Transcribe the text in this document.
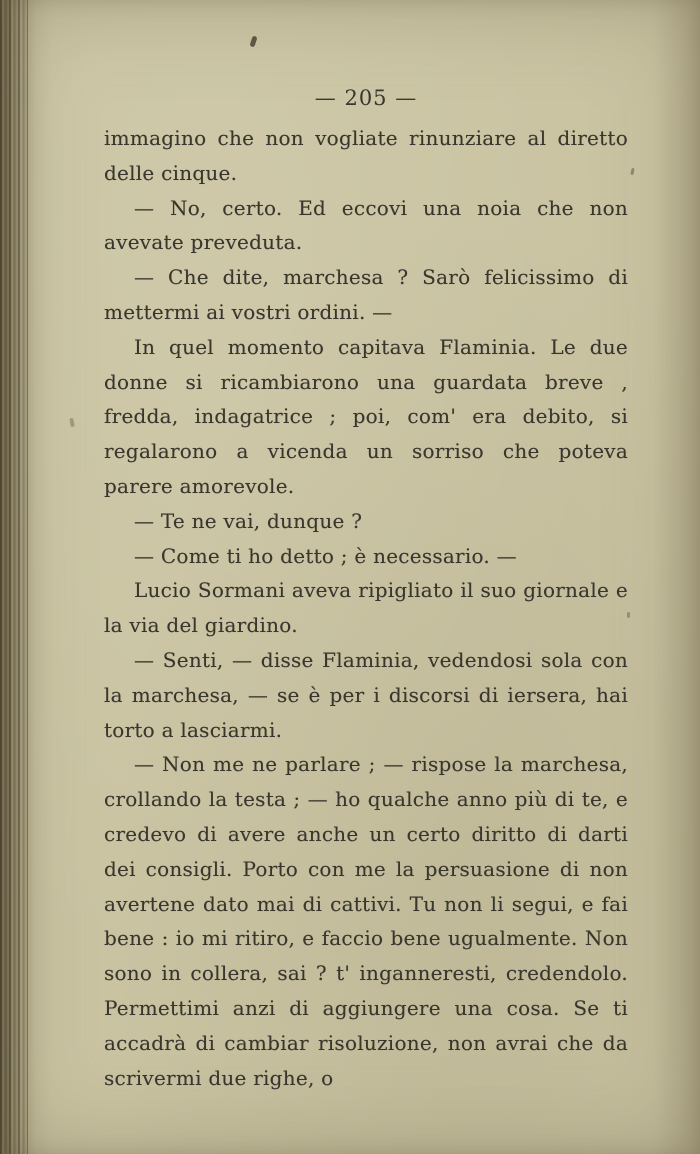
— 205 —

immagino che non vogliate rinunziare al diretto delle cinque.

— No, certo. Ed eccovi una noia che non avevate preveduta.

— Che dite, marchesa ? Sarò felicissimo di mettermi ai vostri ordini. —

In quel momento capitava Flaminia. Le due donne si ricambiarono una guardata breve , fredda, indagatrice ; poi, com' era debito, si regalarono a vicenda un sorriso che poteva parere amorevole.

— Te ne vai, dunque ?

— Come ti ho detto ; è necessario. —

Lucio Sormani aveva ripigliato il suo giornale e la via del giardino.

— Senti, — disse Flaminia, vedendosi sola con la marchesa, — se è per i discorsi di iersera, hai torto a lasciarmi.

— Non me ne parlare ; — rispose la marchesa, crollando la testa ; — ho qualche anno più di te, e credevo di avere anche un certo diritto di darti dei consigli. Porto con me la persuasione di non avertene dato mai di cattivi. Tu non li segui, e fai bene : io mi ritiro, e faccio bene ugualmente. Non sono in collera, sai ? t' inganneresti, credendolo. Permettimi anzi di aggiungere una cosa. Se ti accadrà di cambiar risoluzione, non avrai che da scrivermi due righe, o
